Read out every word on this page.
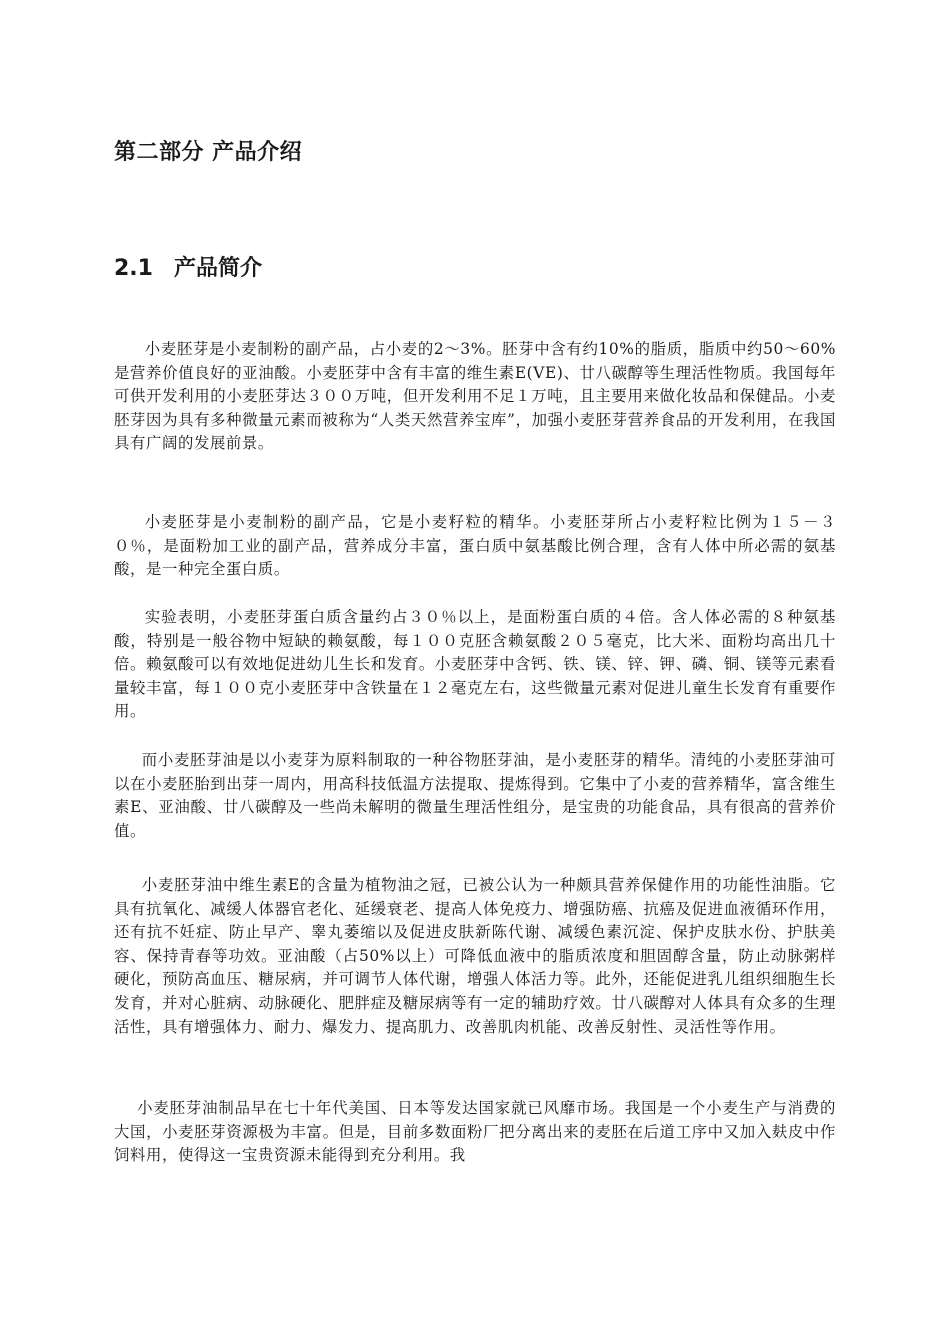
第二部分 产品介绍
2.1 产品简介

小麦胚芽是小麦制粉的副产品，占小麦的2～3%。胚芽中含有约10%的脂质，脂质中约50～60%是营养价值良好的亚油酸。小麦胚芽中含有丰富的维生素E(VE)、廿八碳醇等生理活性物质。我国每年可供开发利用的小麦胚芽达３００万吨，但开发利用不足１万吨，且主要用来做化妆品和保健品。小麦胚芽因为具有多种微量元素而被称为“人类天然营养宝库”，加强小麦胚芽营养食品的开发利用，在我国具有广阔的发展前景。

小麦胚芽是小麦制粉的副产品，它是小麦籽粒的精华。小麦胚芽所占小麦籽粒比例为１５－３０％，是面粉加工业的副产品，营养成分丰富，蛋白质中氨基酸比例合理，含有人体中所必需的氨基酸，是一种完全蛋白质。

实验表明，小麦胚芽蛋白质含量约占３０％以上，是面粉蛋白质的４倍。含人体必需的８种氨基酸，特别是一般谷物中短缺的赖氨酸，每１００克胚含赖氨酸２０５毫克，比大米、面粉均高出几十倍。赖氨酸可以有效地促进幼儿生长和发育。小麦胚芽中含钙、铁、镁、锌、钾、磷、铜、镁等元素看量较丰富，每１００克小麦胚芽中含铁量在１２毫克左右，这些微量元素对促进儿童生长发育有重要作用。

而小麦胚芽油是以小麦芽为原料制取的一种谷物胚芽油，是小麦胚芽的精华。清纯的小麦胚芽油可以在小麦胚胎到出芽一周内，用高科技低温方法提取、提炼得到。它集中了小麦的营养精华，富含维生素E、亚油酸、廿八碳醇及一些尚未解明的微量生理活性组分，是宝贵的功能食品，具有很高的营养价值。

小麦胚芽油中维生素E的含量为植物油之冠，已被公认为一种颇具营养保健作用的功能性油脂。它具有抗氧化、减缓人体器官老化、延缓衰老、提高人体免疫力、增强防癌、抗癌及促进血液循环作用，还有抗不妊症、防止早产、睾丸萎缩以及促进皮肤新陈代谢、减缓色素沉淀、保护皮肤水份、护肤美容、保持青春等功效。亚油酸（占50%以上）可降低血液中的脂质浓度和胆固醇含量，防止动脉粥样硬化，预防高血压、糖尿病，并可调节人体代谢，增强人体活力等。此外，还能促进乳儿组织细胞生长发育，并对心脏病、动脉硬化、肥胖症及糖尿病等有一定的辅助疗效。廿八碳醇对人体具有众多的生理活性，具有增强体力、耐力、爆发力、提高肌力、改善肌肉机能、改善反射性、灵活性等作用。

小麦胚芽油制品早在七十年代美国、日本等发达国家就已风靡市场。我国是一个小麦生产与消费的大国，小麦胚芽资源极为丰富。但是，目前多数面粉厂把分离出来的麦胚在后道工序中又加入麸皮中作饲料用，使得这一宝贵资源未能得到充分利用。我
